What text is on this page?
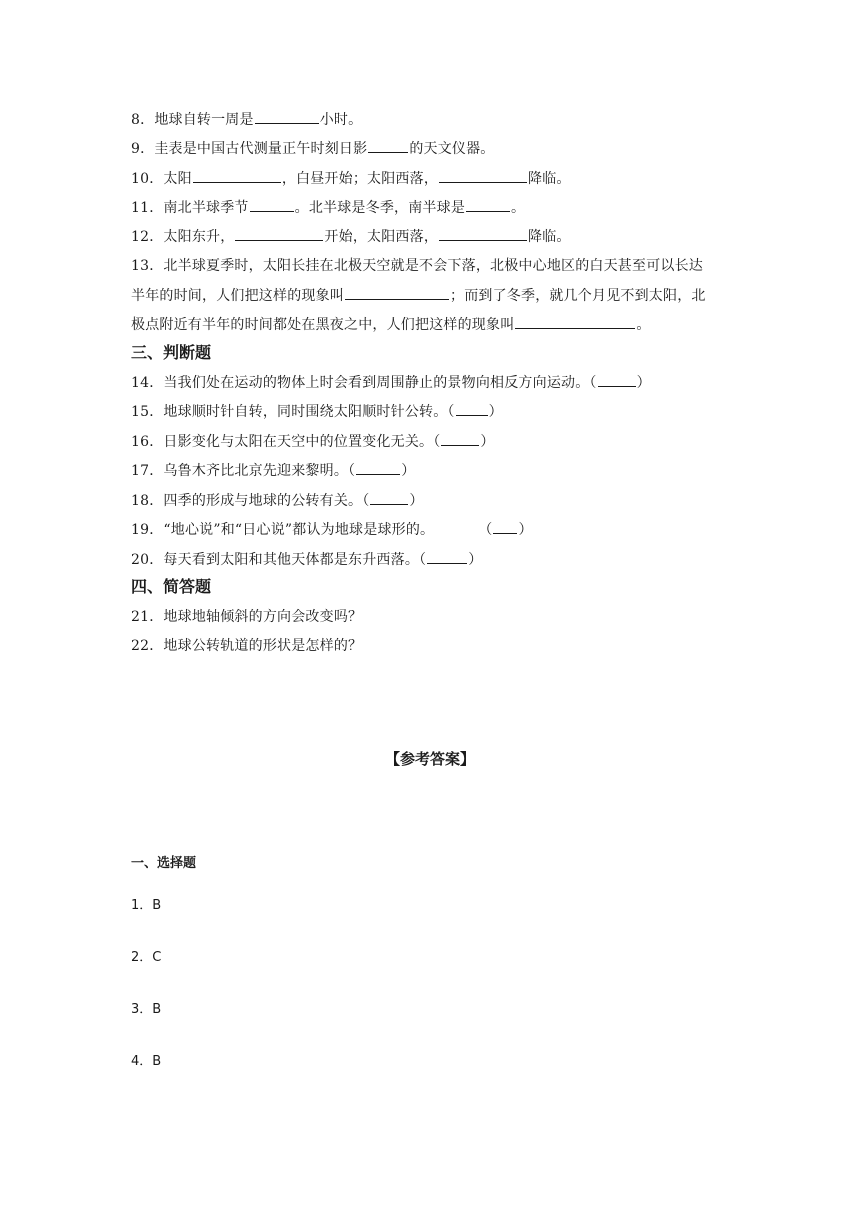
8．地球自转一周是	小时。
9．圭表是中国古代测量正午时刻日影	的天文仪器。
10．太阳	，白昼开始；太阳西落，	降临。
11．南北半球季节	。北半球是冬季，南半球是	。
12．太阳东升，	开始，太阳西落，	降临。
13．北半球夏季时，太阳长挂在北极天空就是不会下落，北极中心地区的白天甚至可以长达
半年的时间，人们把这样的现象叫	；而到了冬季，就几个月见不到太阳，北
极点附近有半年的时间都处在黑夜之中，人们把这样的现象叫	。
三、判断题
14．当我们处在运动的物体上时会看到周围静止的景物向相反方向运动。（	）
15．地球顺时针自转，同时围绕太阳顺时针公转。（ ）
16．日影变化与太阳在天空中的位置变化无关。（	）
17．乌鲁木齐比北京先迎来黎明。（	）
18．四季的形成与地球的公转有关。（	）
19．“地心说”和“日心说”都认为地球是球形的。	（ ）
20．每天看到太阳和其他天体都是东升西落。（	）
四、简答题
21．地球地轴倾斜的方向会改变吗？
22．地球公转轨道的形状是怎样的？
【参考答案】
一、选择题
1．B
2．C
3．B
4．B
